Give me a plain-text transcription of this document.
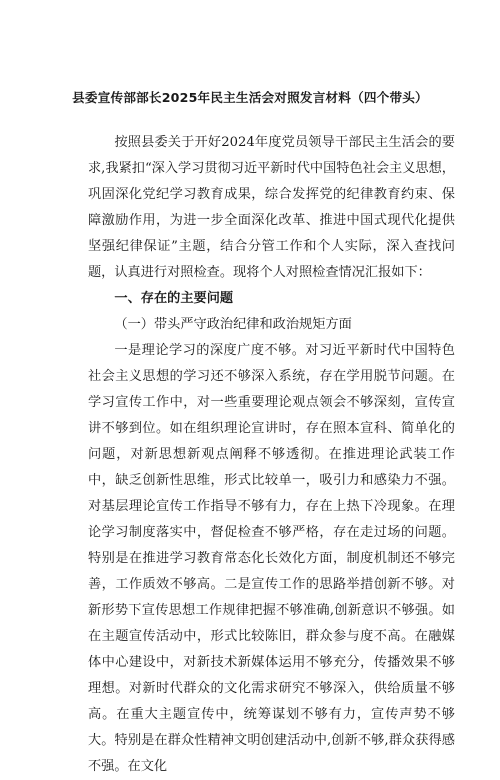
县委宣传部部长2025年民主生活会对照发言材料（四个带头）

按照县委关于开好2024年度党员领导干部民主生活会的要求,我紧扣“深入学习贯彻习近平新时代中国特色社会主义思想，巩固深化党纪学习教育成果，综合发挥党的纪律教育约束、保障激励作用，为进一步全面深化改革、推进中国式现代化提供坚强纪律保证”主题，结合分管工作和个人实际，深入查找问题，认真进行对照检查。现将个人对照检查情况汇报如下：

一、存在的主要问题

（一）带头严守政治纪律和政治规矩方面

一是理论学习的深度广度不够。对习近平新时代中国特色社会主义思想的学习还不够深入系统，存在学用脱节问题。在学习宣传工作中，对一些重要理论观点领会不够深刻，宣传宣讲不够到位。如在组织理论宣讲时，存在照本宣科、简单化的问题，对新思想新观点阐释不够透彻。在推进理论武装工作中，缺乏创新性思维，形式比较单一，吸引力和感染力不强。对基层理论宣传工作指导不够有力，存在上热下冷现象。在理论学习制度落实中，督促检查不够严格，存在走过场的问题。特别是在推进学习教育常态化长效化方面，制度机制还不够完善，工作质效不够高。二是宣传工作的思路举措创新不够。对新形势下宣传思想工作规律把握不够准确,创新意识不够强。如在主题宣传活动中，形式比较陈旧，群众参与度不高。在融媒体中心建设中，对新技术新媒体运用不够充分，传播效果不够理想。对新时代群众的文化需求研究不够深入，供给质量不够高。在重大主题宣传中，统筹谋划不够有力，宣传声势不够大。特别是在群众性精神文明创建活动中,创新不够,群众获得感不强。在文化
